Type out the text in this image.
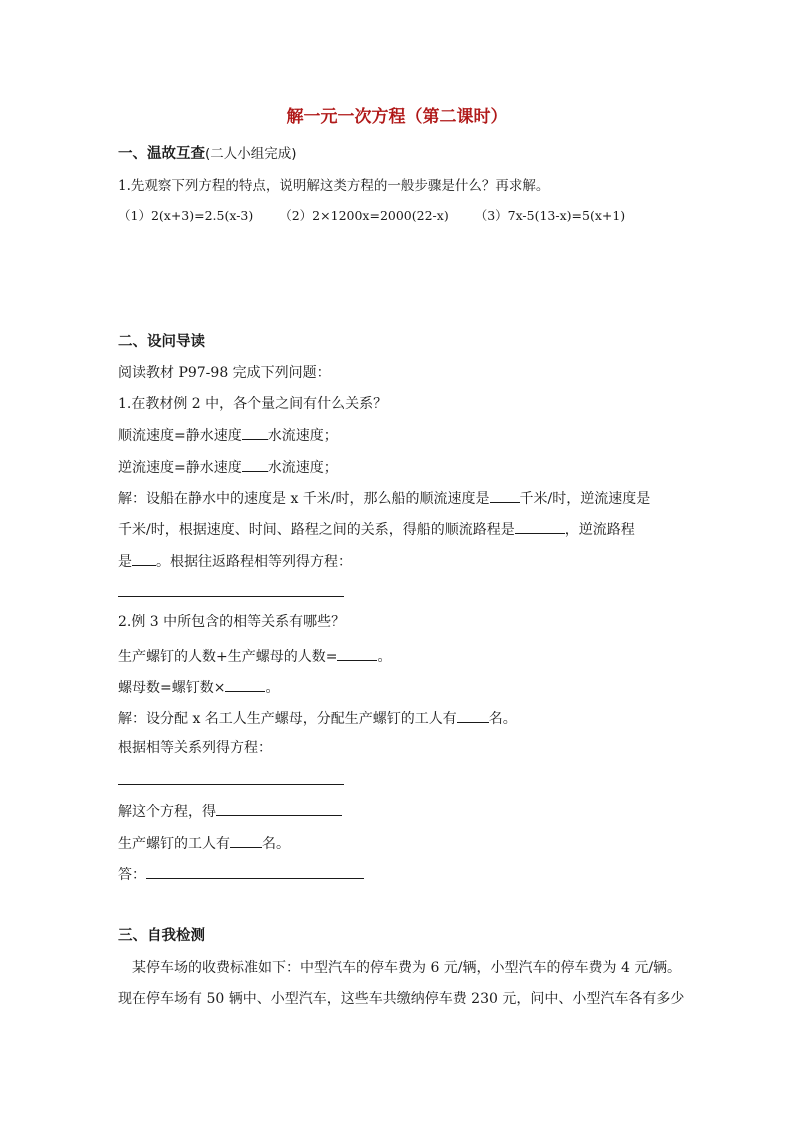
解一元一次方程（第二课时）
一、温故互查(二人小组完成)
1.先观察下列方程的特点，说明解这类方程的一般步骤是什么？再求解。
（1）2(x+3)=2.5(x-3) （2）2×1200x=2000(22-x) （3）7x-5(13-x)=5(x+1)
二、设问导读
阅读教材 P97-98 完成下列问题：
1.在教材例 2 中，各个量之间有什么关系？
顺流速度=静水速度 水流速度；
逆流速度=静水速度 水流速度；
解：设船在静水中的速度是 x 千米/时，那么船的顺流速度是 千米/时，逆流速度是
千米/时，根据速度、时间、路程之间的关系，得船的顺流路程是	，逆流路程
是 。根据往返路程相等列得方程：
2.例 3 中所包含的相等关系有哪些？
生产螺钉的人数+生产螺母的人数=	。
螺母数=螺钉数×	。
解：设分配 x 名工人生产螺母，分配生产螺钉的工人有 名。
根据相等关系列得方程：
解这个方程，得
生产螺钉的工人有 名。
答：
三、自我检测
某停车场的收费标准如下：中型汽车的停车费为 6 元/辆，小型汽车的停车费为 4 元/辆。
现在停车场有 50 辆中、小型汽车，这些车共缴纳停车费 230 元，问中、小型汽车各有多少
